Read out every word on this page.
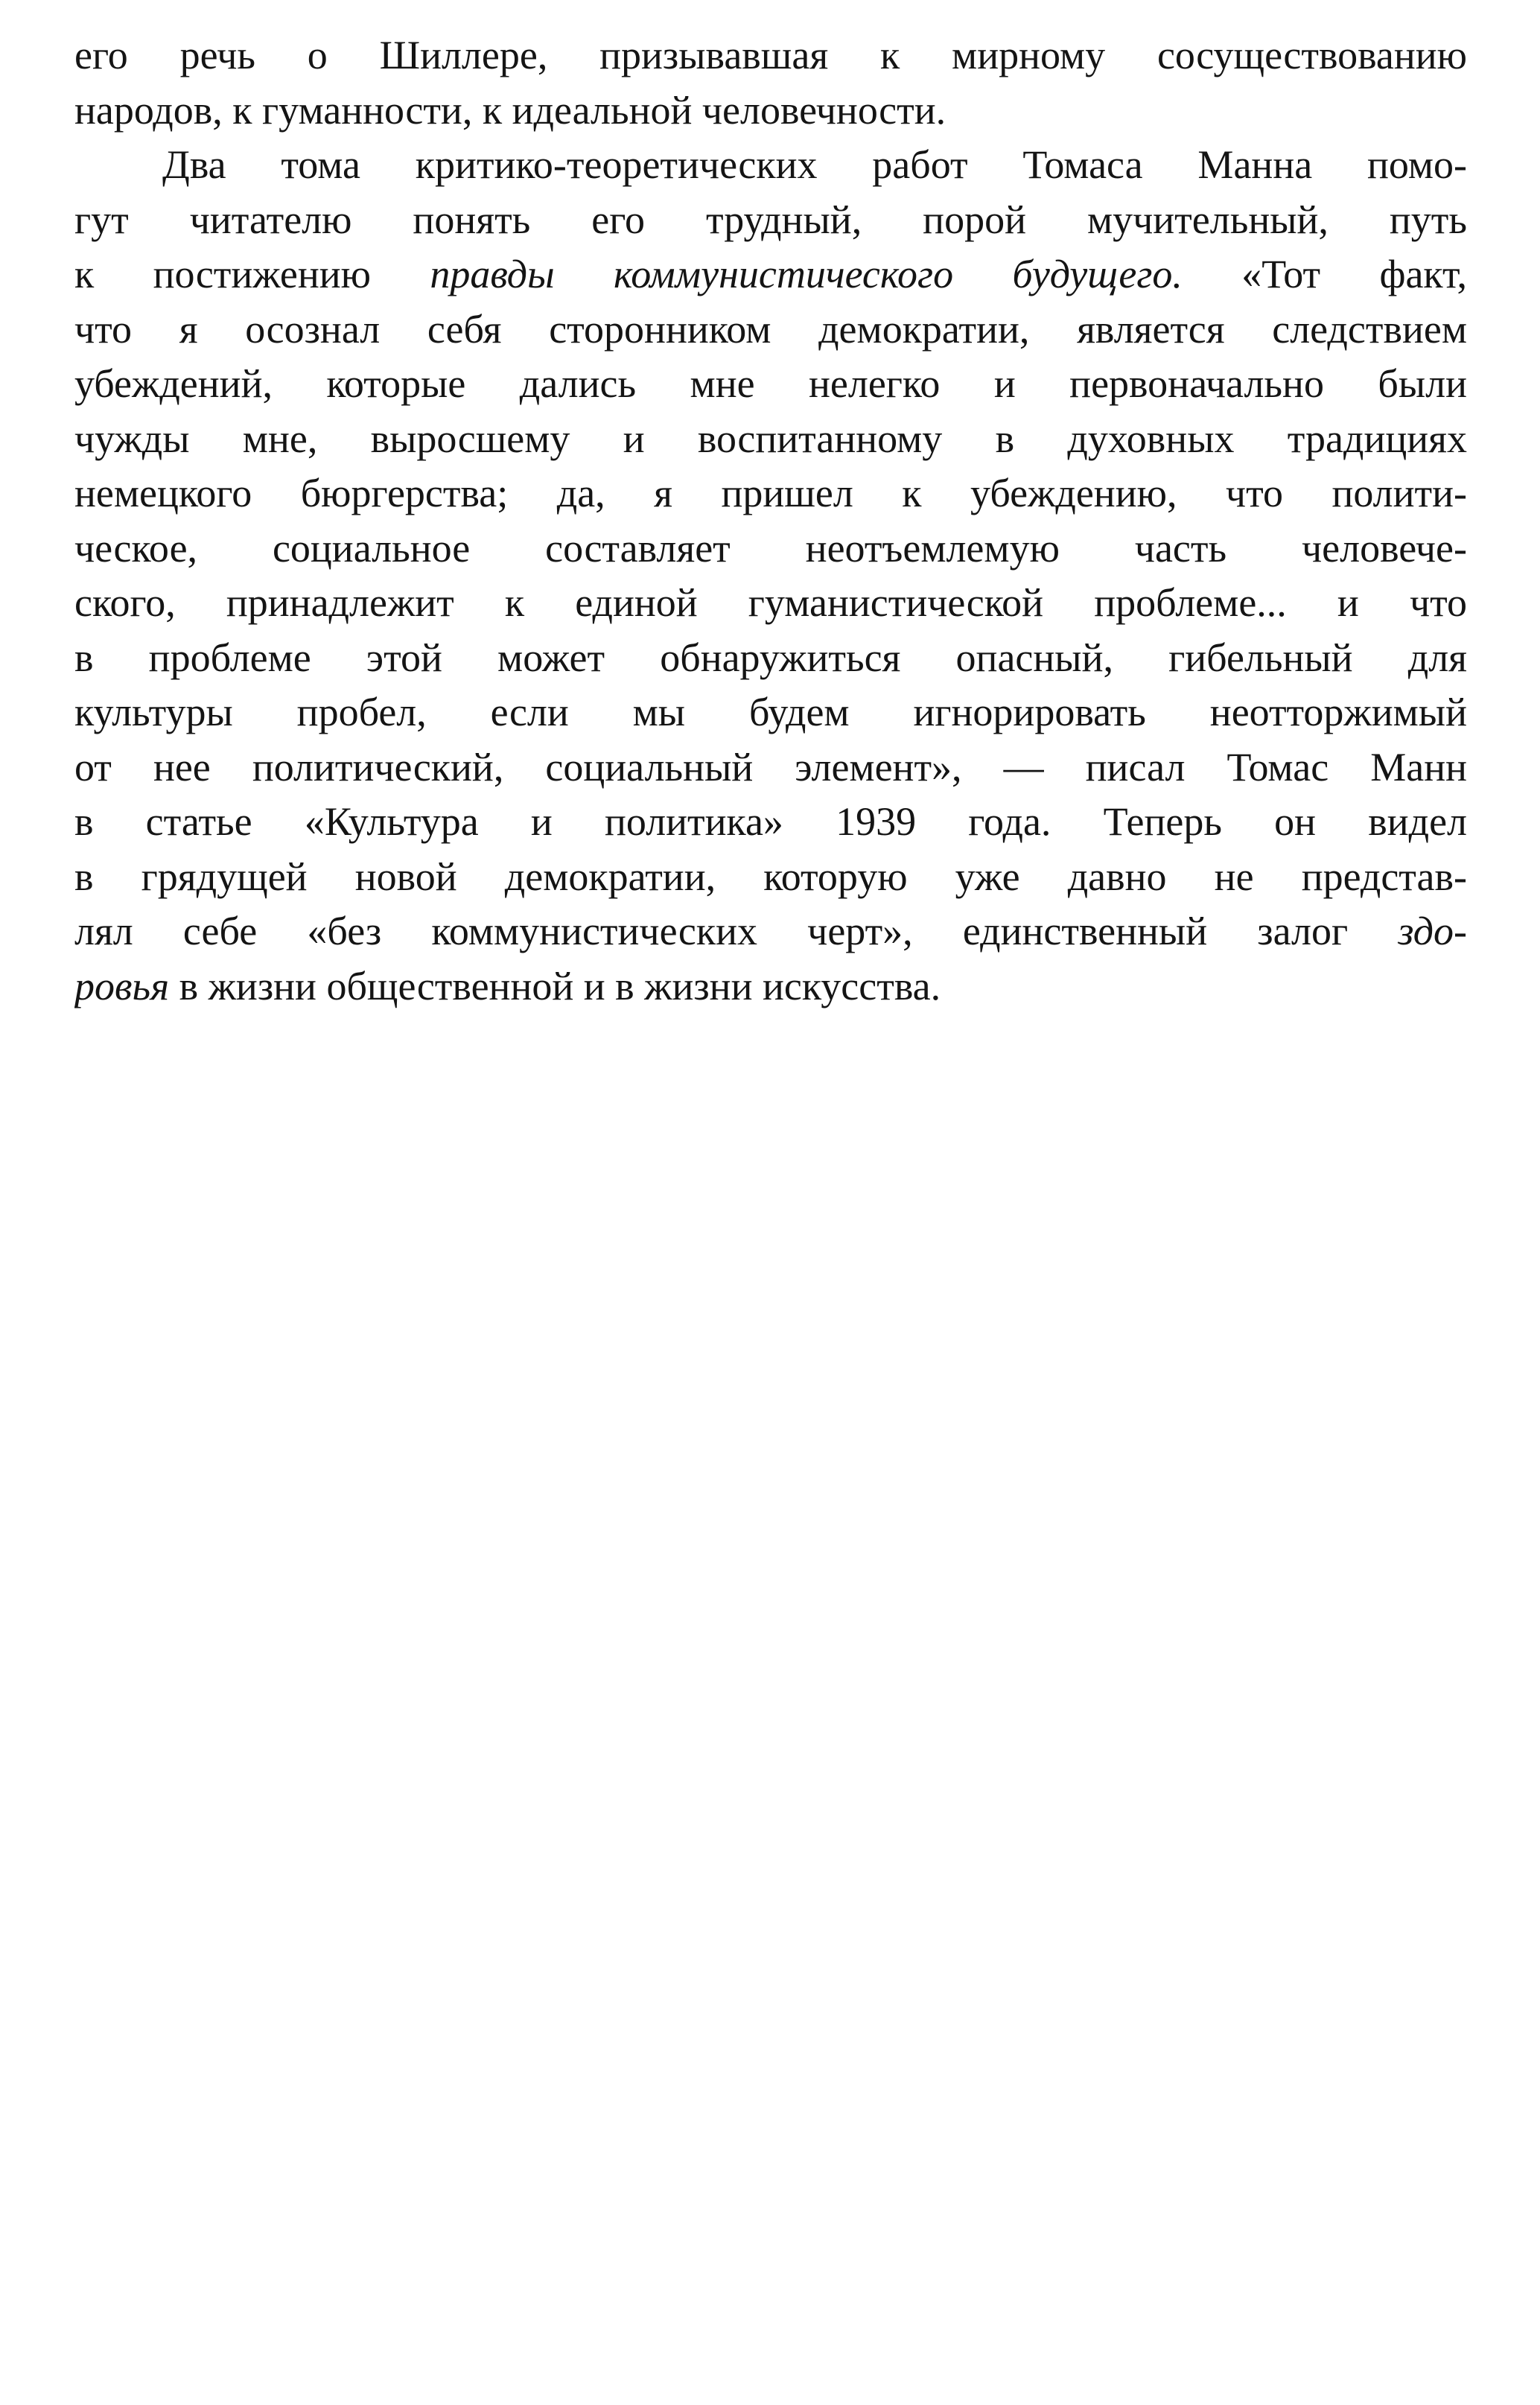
его речь о Шиллере, призывавшая к мирному сосуществованию
народов, к гуманности, к идеальной человечности.
Два тома критико-теоретических работ Томаса Манна помо-
гут читателю понять его трудный, порой мучительный, путь
к постижению правды коммунистического будущего. «Тот факт,
что я осознал себя сторонником демократии, является следствием
убеждений, которые дались мне нелегко и первоначально были
чужды мне, выросшему и воспитанному в духовных традициях
немецкого бюргерства; да, я пришел к убеждению, что полити-
ческое, социальное составляет неотъемлемую часть человече-
ского, принадлежит к единой гуманистической проблеме... и что
в проблеме этой может обнаружиться опасный, гибельный для
культуры пробел, если мы будем игнорировать неотторжимый
от нее политический, социальный элемент», — писал Томас Манн
в статье «Культура и политика» 1939 года. Теперь он видел
в грядущей новой демократии, которую уже давно не представ-
лял себе «без коммунистических черт», единственный залог здо-
ровья в жизни общественной и в жизни искусства.
